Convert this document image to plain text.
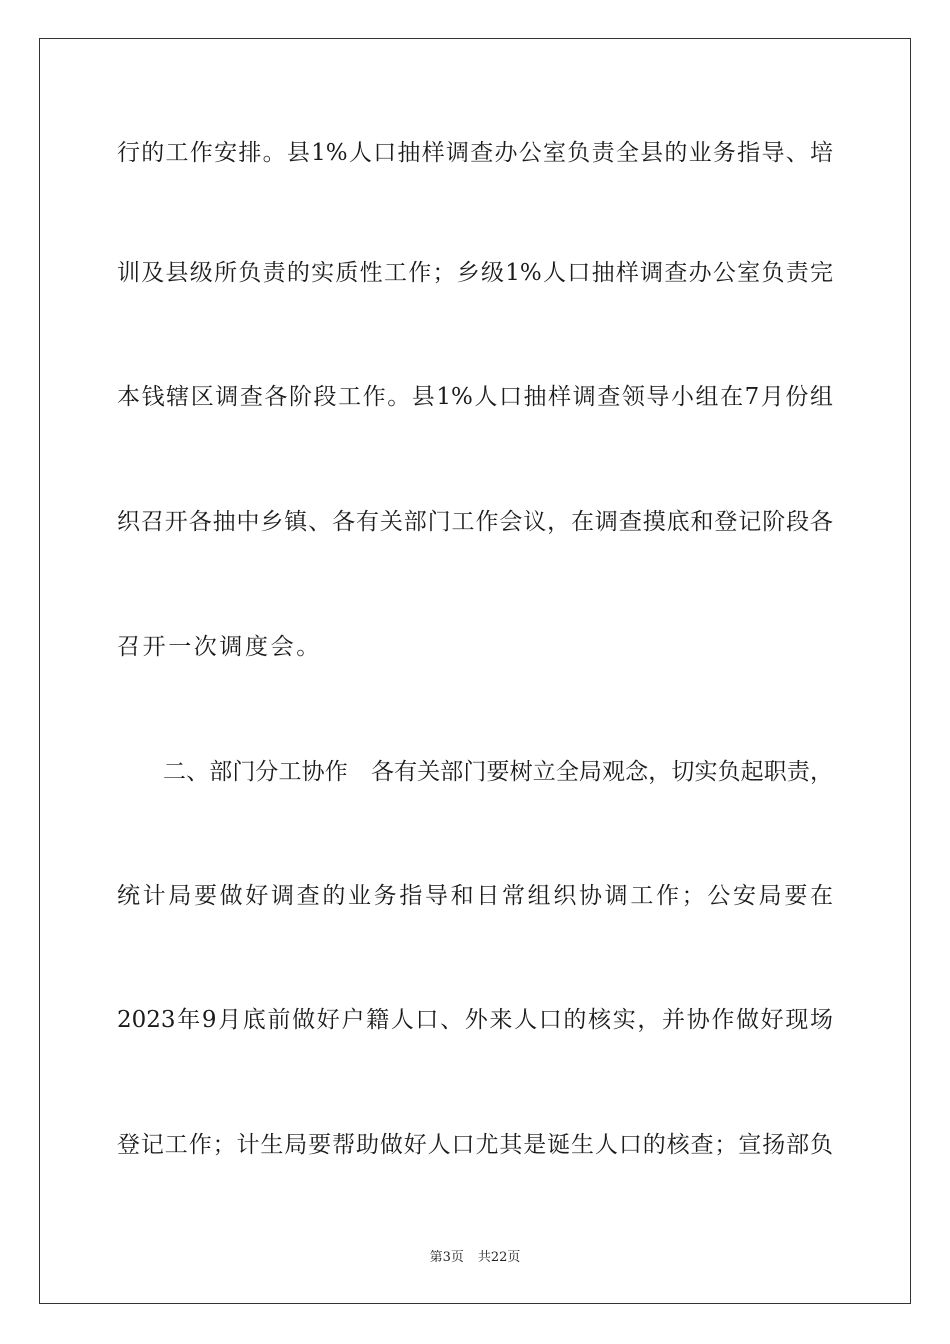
行的工作安排。县1%人口抽样调查办公室负责全县的业务指导、培
训及县级所负责的实质性工作；乡级1%人口抽样调查办公室负责完
本钱辖区调查各阶段工作。县1%人口抽样调查领导小组在7月份组
织召开各抽中乡镇、各有关部门工作会议，在调查摸底和登记阶段各
召开一次调度会。
二、部门分工协作　各有关部门要树立全局观念，切实负起职责，
统计局要做好调查的业务指导和日常组织协调工作；公安局要在
2023年9月底前做好户籍人口、外来人口的核实，并协作做好现场
登记工作；计生局要帮助做好人口尤其是诞生人口的核查；宣扬部负
第3页 共22页
